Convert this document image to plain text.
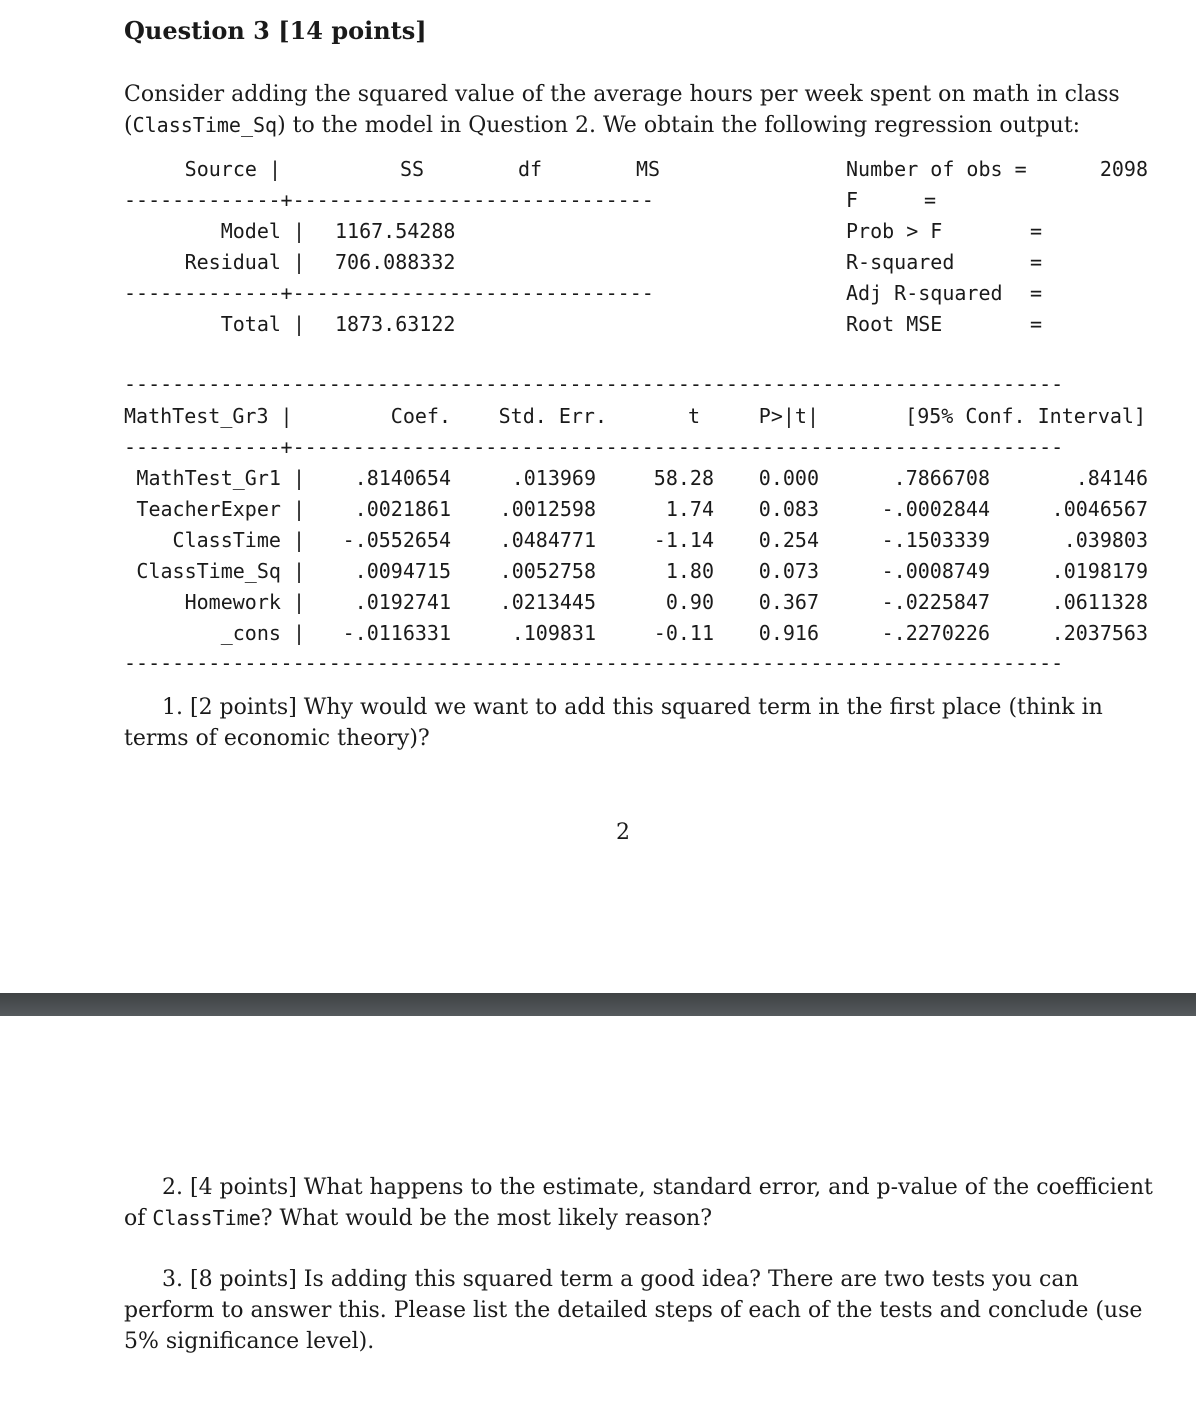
Question 3 [14 points]
Consider adding the squared value of the average hours per week spent on math in class
(ClassTime_Sq) to the model in Question 2. We obtain the following regression output:
Source |	SS	df	MS
-------------+------------------------------
Model | 1167.54288
Residual | 706.088332
-------------+------------------------------
Total | 1873.63122
Number of obs =	2098
F	=
Prob > F	=
R-squared	=
Adj R-squared =
Root MSE	=
------------------------------------------------------------------------------
MathTest_Gr3 |	Coef. Std. Err.	t	P>|t|	[95% Conf. Interval]
-------------+----------------------------------------------------------------
MathTest_Gr1 | .8140654	.013969	58.28 0.000	.7866708	.84146
TeacherExper | .0021861 .0012598	1.74 0.083	-.0002844	.0046567
ClassTime | -.0552654 .0484771	-1.14 0.254	-.1503339	.039803
ClassTime_Sq | .0094715 .0052758	1.80 0.073	-.0008749	.0198179
Homework | .0192741 .0213445	0.90 0.367	-.0225847	.0611328
_cons | -.0116331	.109831	-0.11 0.916	-.2270226	.2037563
------------------------------------------------------------------------------
1. [2 points] Why would we want to add this squared term in the first place (think in
terms of economic theory)?
2
2. [4 points] What happens to the estimate, standard error, and p-value of the coefficient
of ClassTime? What would be the most likely reason?
3. [8 points] Is adding this squared term a good idea? There are two tests you can
perform to answer this. Please list the detailed steps of each of the tests and conclude (use
5% significance level).
